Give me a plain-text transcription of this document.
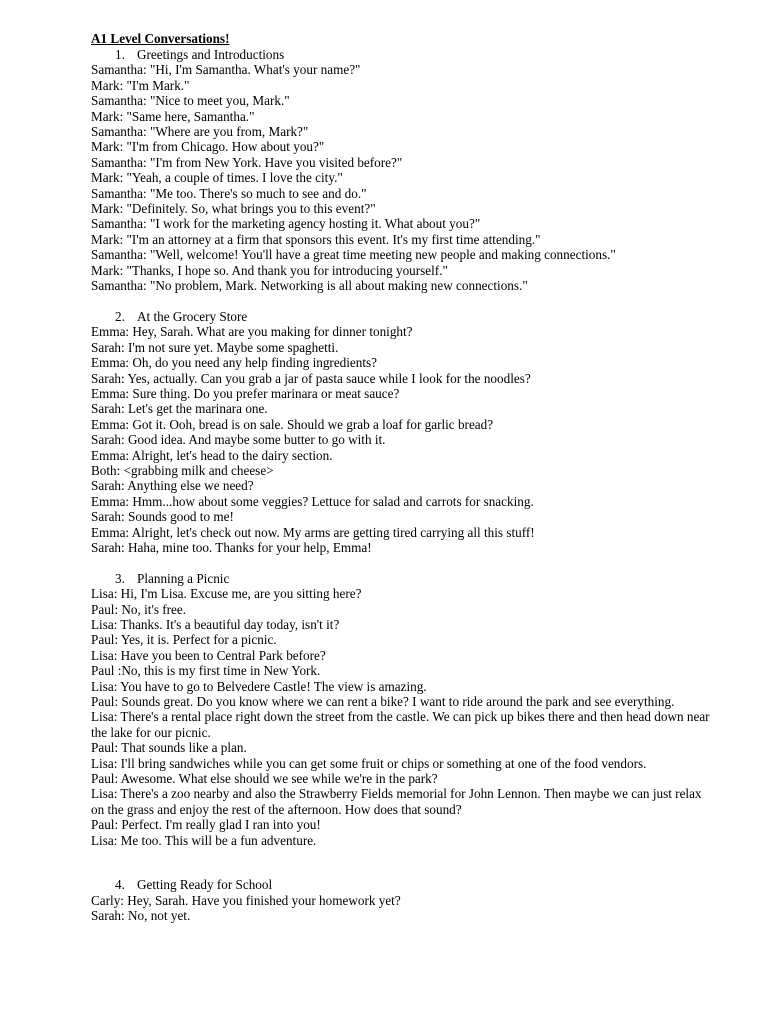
A1 Level Conversations!

1. Greetings and Introductions

Samantha: "Hi, I'm Samantha. What's your name?"

Mark: "I'm Mark."

Samantha: "Nice to meet you, Mark."

Mark: "Same here, Samantha."

Samantha: "Where are you from, Mark?"

Mark: "I'm from Chicago. How about you?"

Samantha: "I'm from New York. Have you visited before?"

Mark: "Yeah, a couple of times. I love the city."

Samantha: "Me too. There's so much to see and do."

Mark: "Definitely. So, what brings you to this event?"

Samantha: "I work for the marketing agency hosting it. What about you?"

Mark: "I'm an attorney at a firm that sponsors this event. It's my first time attending."

Samantha: "Well, welcome! You'll have a great time meeting new people and making connections."

Mark: "Thanks, I hope so. And thank you for introducing yourself."

Samantha: "No problem, Mark. Networking is all about making new connections."

2. At the Grocery Store

Emma: Hey, Sarah. What are you making for dinner tonight?

Sarah: I'm not sure yet. Maybe some spaghetti.

Emma: Oh, do you need any help finding ingredients?

Sarah: Yes, actually. Can you grab a jar of pasta sauce while I look for the noodles?

Emma: Sure thing. Do you prefer marinara or meat sauce?

Sarah: Let's get the marinara one.

Emma: Got it. Ooh, bread is on sale. Should we grab a loaf for garlic bread?

Sarah: Good idea. And maybe some butter to go with it.

Emma: Alright, let's head to the dairy section.

Both: <grabbing milk and cheese>

Sarah: Anything else we need?

Emma: Hmm...how about some veggies? Lettuce for salad and carrots for snacking.

Sarah: Sounds good to me!

Emma: Alright, let's check out now. My arms are getting tired carrying all this stuff!

Sarah: Haha, mine too. Thanks for your help, Emma!

3. Planning a Picnic

Lisa: Hi, I'm Lisa. Excuse me, are you sitting here?

Paul: No, it's free.

Lisa: Thanks. It's a beautiful day today, isn't it?

Paul: Yes, it is. Perfect for a picnic.

Lisa: Have you been to Central Park before?

Paul :No, this is my first time in New York.

Lisa: You have to go to Belvedere Castle! The view is amazing.

Paul: Sounds great. Do you know where we can rent a bike? I want to ride around the park and see everything.

Lisa: There's a rental place right down the street from the castle. We can pick up bikes there and then head down near the lake for our picnic.

Paul: That sounds like a plan.

Lisa: I'll bring sandwiches while you can get some fruit or chips or something at one of the food vendors.

Paul: Awesome. What else should we see while we're in the park?

Lisa: There's a zoo nearby and also the Strawberry Fields memorial for John Lennon. Then maybe we can just relax on the grass and enjoy the rest of the afternoon. How does that sound?

Paul: Perfect. I'm really glad I ran into you!

Lisa: Me too. This will be a fun adventure.

4. Getting Ready for School

Carly: Hey, Sarah. Have you finished your homework yet?

Sarah: No, not yet.
